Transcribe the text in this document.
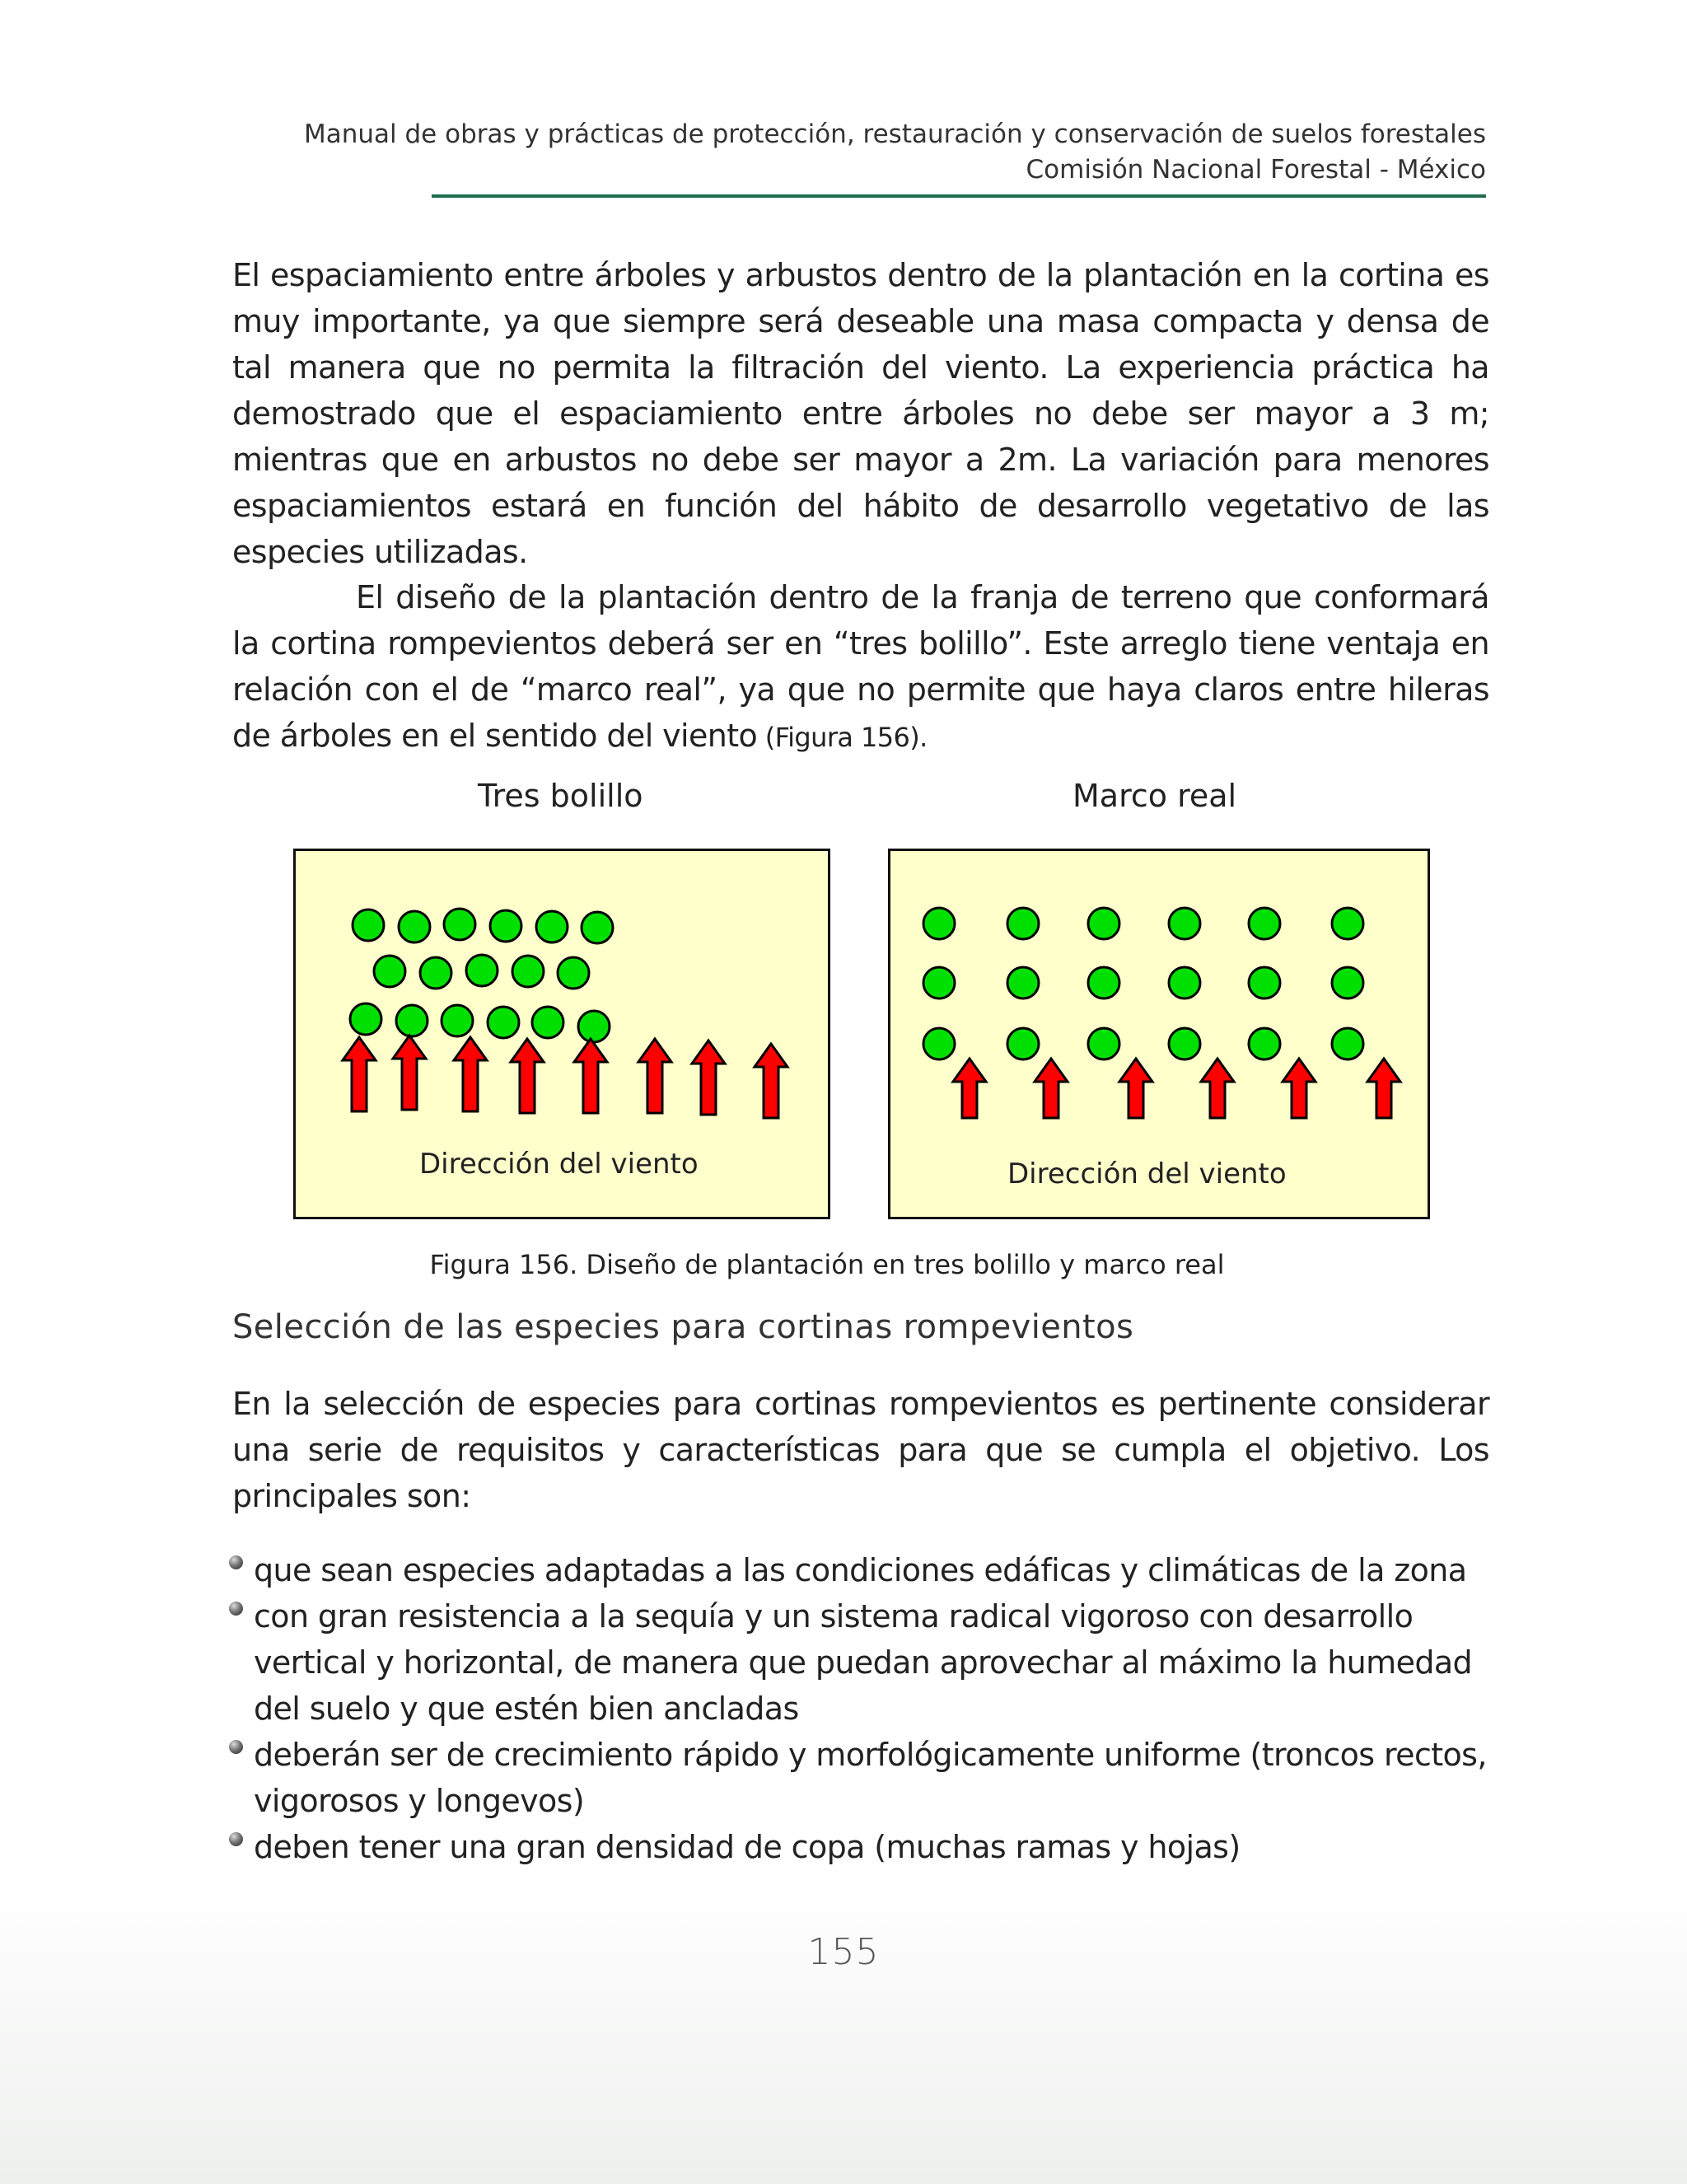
Manual de obras y prácticas de protección, restauración y conservación de suelos forestales
Comisión Nacional Forestal - México

El espaciamiento entre árboles y arbustos dentro de la plantación en la cortina es muy importante, ya que siempre será deseable una masa compacta y densa de tal manera que no permita la filtración del viento. La experiencia práctica ha demostrado que el espaciamiento entre árboles no debe ser mayor a 3 m; mientras que en arbustos no debe ser mayor a 2m. La variación para menores espaciamientos estará en función del hábito de desarrollo vegetativo de las especies utilizadas.

El diseño de la plantación dentro de la franja de terreno que conformará la cortina rompevientos deberá ser en “tres bolillo”. Este arreglo tiene ventaja en relación con el de “marco real”, ya que no permite que haya claros entre hileras de árboles en el sentido del viento (Figura 156).

Tres bolillo	Marco real
Dirección del viento	Dirección del viento
Figura 156. Diseño de plantación en tres bolillo y marco real
Selección de las especies para cortinas rompevientos

En la selección de especies para cortinas rompevientos es pertinente considerar una serie de requisitos y características para que se cumpla el objetivo. Los principales son:

que sean especies adaptadas a las condiciones edáficas y climáticas de la zona
con gran resistencia a la sequía y un sistema radical vigoroso con desarrollo vertical y horizontal, de manera que puedan aprovechar al máximo la humedad del suelo y que estén bien ancladas
deberán ser de crecimiento rápido y morfológicamente uniforme (troncos rectos, vigorosos y longevos)
deben tener una gran densidad de copa (muchas ramas y hojas)
155
